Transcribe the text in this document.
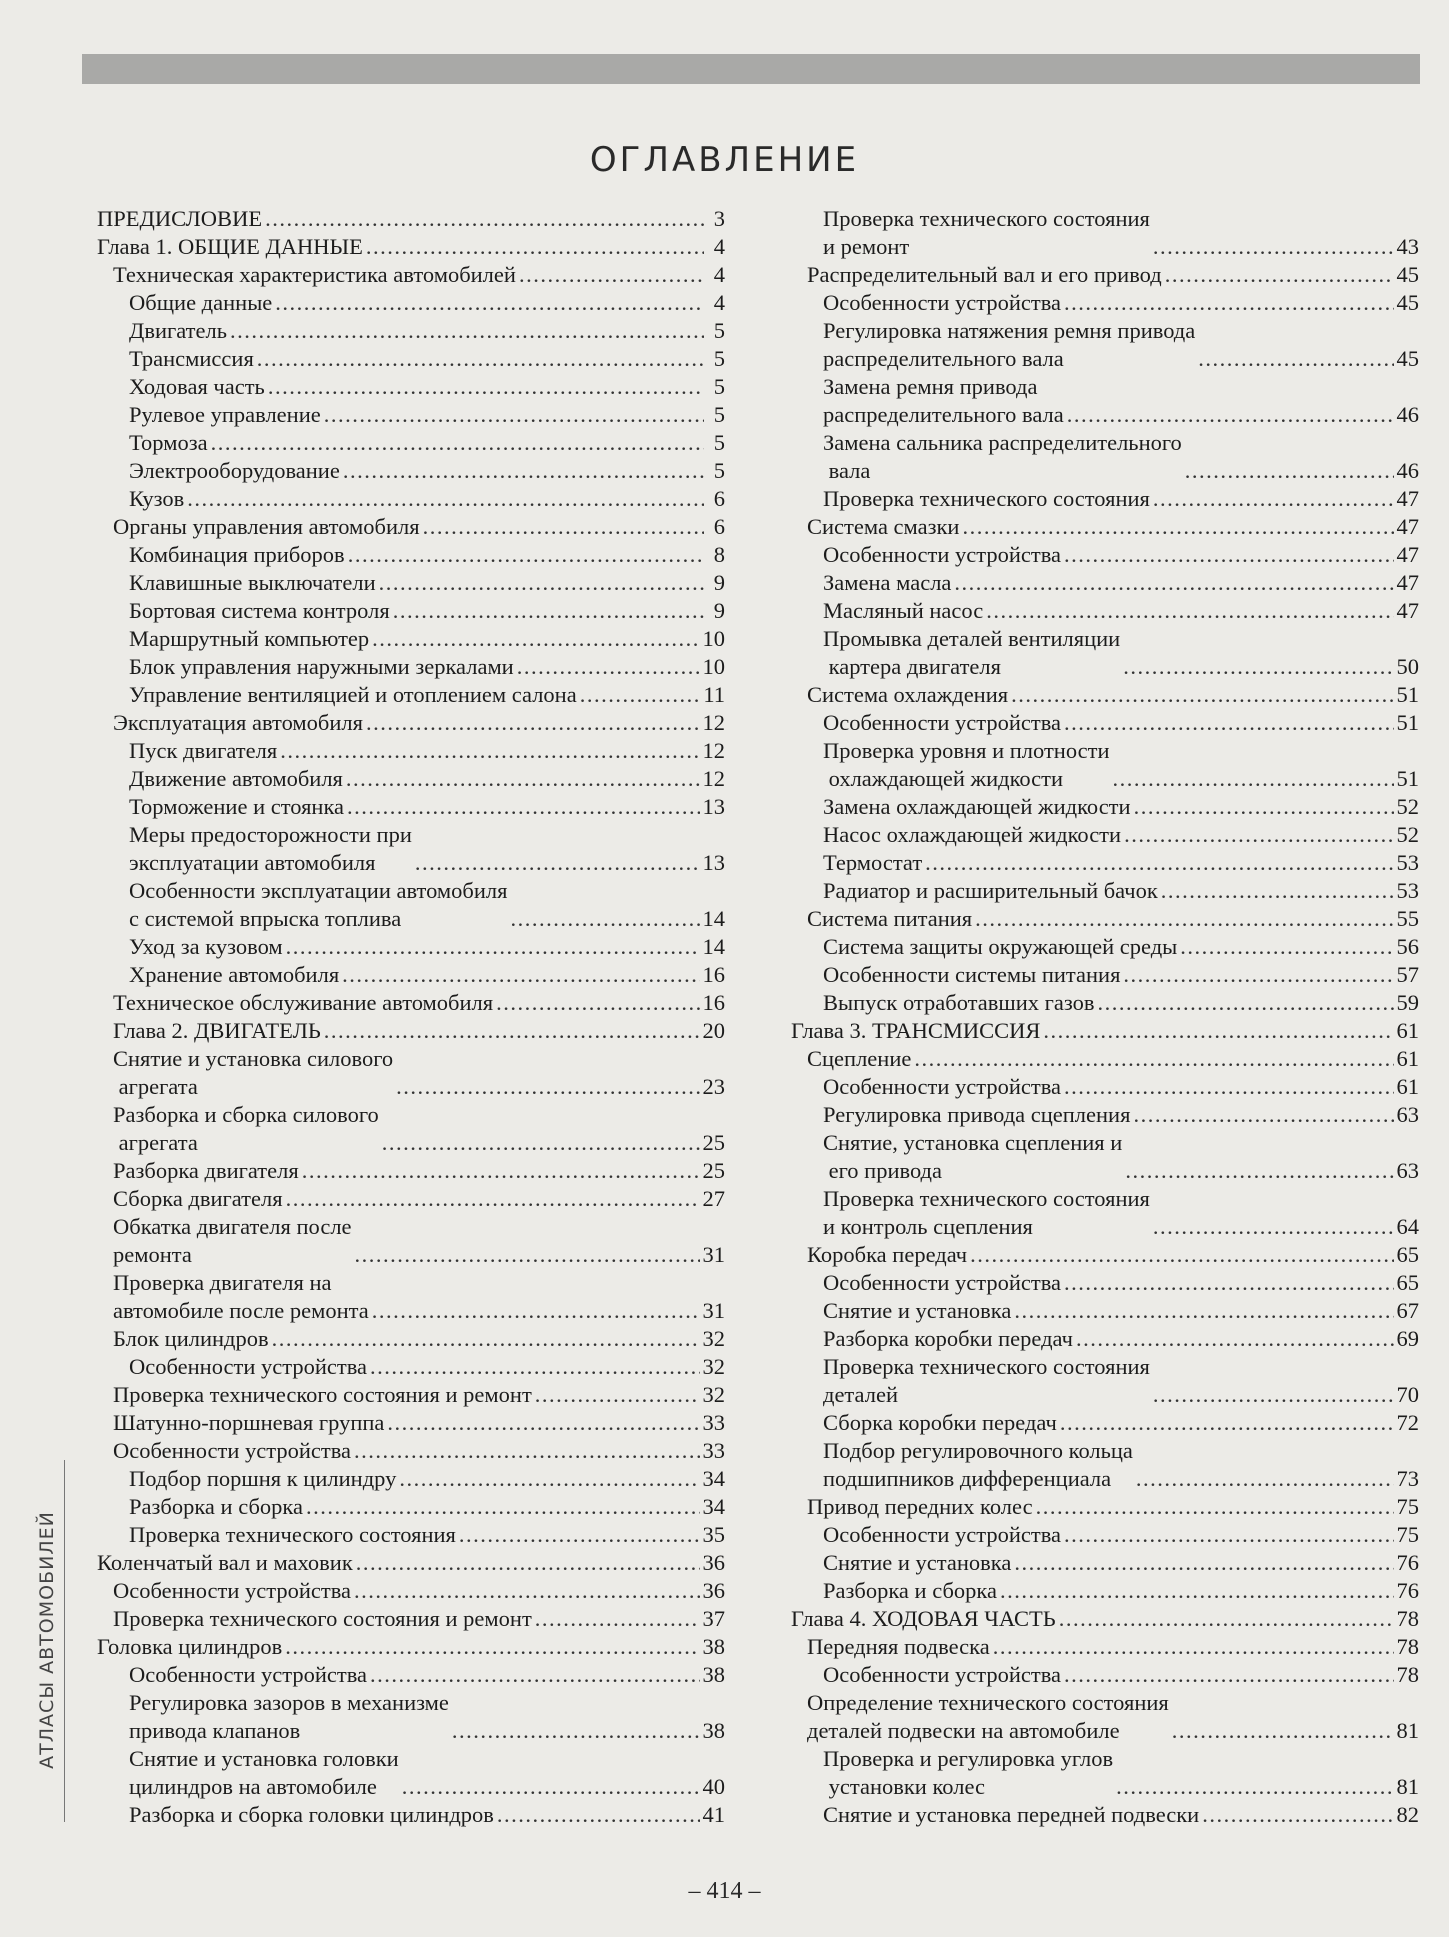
ОГЛАВЛЕНИЕ
АТЛАСЫ АВТОМОБИЛЕЙ
ПРЕДИСЛОВИЕ .....	3
Глава 1. ОБЩИЕ ДАННЫЕ .....	4
Техническая характеристика автомобилей .....	4
Общие данные .....	4
Двигатель .....	5
Трансмиссия .....	5
Ходовая часть .....	5
Рулевое управление .....	5
Тормоза .....	5
Электрооборудование .....	5
Кузов .....	6
Органы управления автомобиля .....	6
Комбинация приборов .....	8
Клавишные выключатели .....	9
Бортовая система контроля .....	9
Маршрутный компьютер .....	10
Блок управления наружными зеркалами .....	10
Управление вентиляцией и отоплением салона .....	11
Эксплуатация автомобиля .....	12
Пуск двигателя .....	12
Движение автомобиля .....	12
Торможение и стоянка .....	13
Меры предосторожности при
эксплуатации автомобиля .....	13
Особенности эксплуатации автомобиля
с системой впрыска топлива .....	14
Уход за кузовом .....	14
Хранение автомобиля .....	16
Техническое обслуживание автомобиля .....	16
Глава 2. ДВИГАТЕЛЬ .....	20
Снятие и установка силового
агрегата .....	23
Разборка и сборка силового
агрегата .....	25
Разборка двигателя .....	25
Сборка двигателя .....	27
Обкатка двигателя после
ремонта .....	31
Проверка двигателя на
автомобиле после ремонта .....	31
Блок цилиндров .....	32
Особенности устройства .....	32
Проверка технического состояния и ремонт .....	32
Шатунно-поршневая группа .....	33
Особенности устройства .....	33
Подбор поршня к цилиндру .....	34
Разборка и сборка .....	34
Проверка технического состояния .....	35
Коленчатый вал и маховик .....	36
Особенности устройства .....	36
Проверка технического состояния и ремонт .....	37
Головка цилиндров .....	38
Особенности устройства .....	38
Регулировка зазоров в механизме
привода клапанов .....	38
Снятие и установка головки
цилиндров на автомобиле .....	40
Разборка и сборка головки цилиндров .....	41
Проверка технического состояния
и ремонт .....	43
Распределительный вал и его привод .....	45
Особенности устройства .....	45
Регулировка натяжения ремня привода
распределительного вала .....	45
Замена ремня привода
распределительного вала .....	46
Замена сальника распределительного
вала .....	46
Проверка технического состояния .....	47
Система смазки .....	47
Особенности устройства .....	47
Замена масла .....	47
Масляный насос .....	47
Промывка деталей вентиляции
картера двигателя .....	50
Система охлаждения .....	51
Особенности устройства .....	51
Проверка уровня и плотности
охлаждающей жидкости .....	51
Замена охлаждающей жидкости .....	52
Насос охлаждающей жидкости .....	52
Термостат .....	53
Радиатор и расширительный бачок .....	53
Система питания .....	55
Система защиты окружающей среды .....	56
Особенности системы питания .....	57
Выпуск отработавших газов .....	59
Глава 3. ТРАНСМИССИЯ .....	61
Сцепление .....	61
Особенности устройства .....	61
Регулировка привода сцепления .....	63
Снятие, установка сцепления и
его привода .....	63
Проверка технического состояния
и контроль сцепления .....	64
Коробка передач .....	65
Особенности устройства .....	65
Снятие и установка .....	67
Разборка коробки передач .....	69
Проверка технического состояния
деталей .....	70
Сборка коробки передач .....	72
Подбор регулировочного кольца
подшипников дифференциала .....	73
Привод передних колес .....	75
Особенности устройства .....	75
Снятие и установка .....	76
Разборка и сборка .....	76
Глава 4. ХОДОВАЯ ЧАСТЬ .....	78
Передняя подвеска .....	78
Особенности устройства .....	78
Определение технического состояния
деталей подвески на автомобиле .....	81
Проверка и регулировка углов
установки колес .....	81
Снятие и установка передней подвески .....	82
– 414 –
